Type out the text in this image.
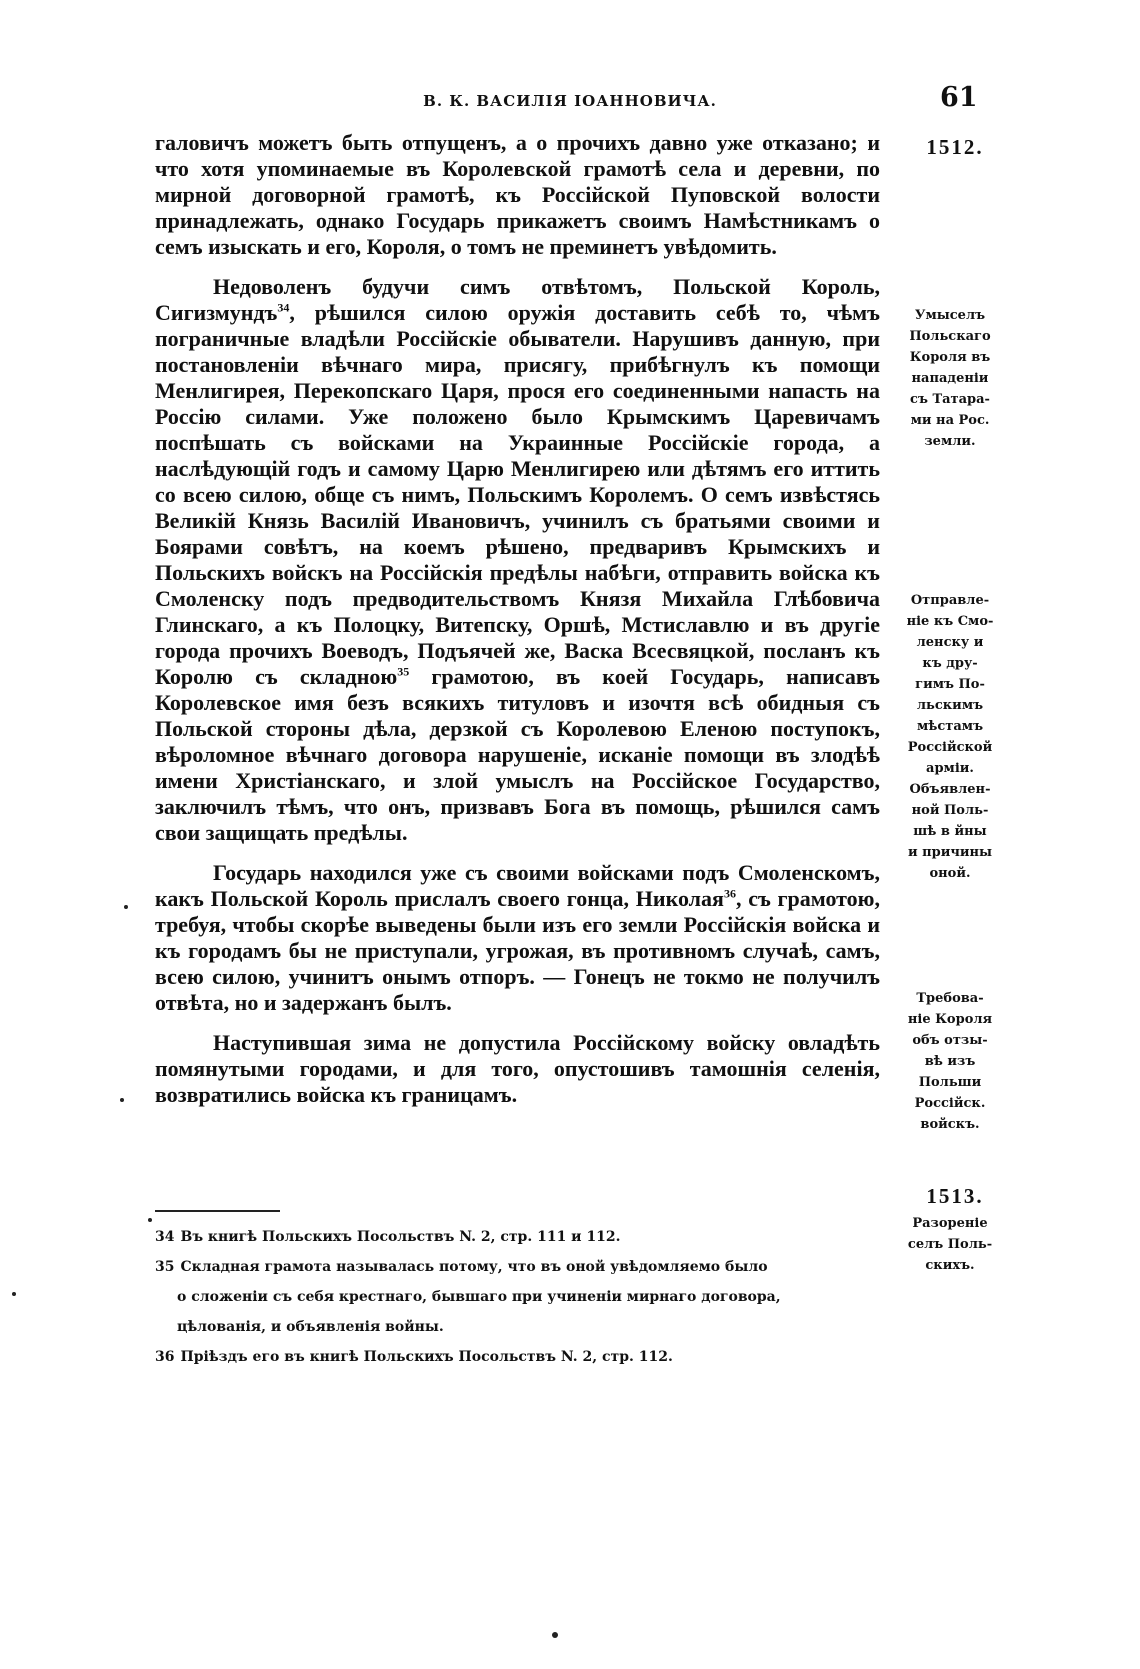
В. К. ВАСИЛІЯ ІОАННОВИЧА.	61

галовичъ можетъ быть отпущенъ, а о прочихъ давно уже отказано; и что хотя упоминаемые въ Королевской грамотѣ села и деревни, по мирной договорной грамотѣ, къ Россійской Пуповской волости принадлежать, однако Государь прикажетъ своимъ Намѣстникамъ о семъ изыскать и его, Короля, о томъ не преминетъ увѣдомить.

Недоволенъ будучи симъ отвѣтомъ, Польской Король, Сигизмундъ$^{34}$, рѣшился силою оружія доставить себѣ то, чѣмъ пограничные владѣли Россійскіе обыватели. Нарушивъ данную, при постановленіи вѣчнаго мира, присягу, прибѣгнулъ къ помощи Менлигирея, Перекопскаго Царя, прося его соединенными напасть на Россію силами. Уже положено было Крымскимъ Царевичамъ поспѣшать съ войсками на Украинные Россійскіе города, а наслѣдующій годъ и самому Царю Менлигирею или дѣтямъ его иттить со всею силою, обще съ нимъ, Польскимъ Королемъ. О семъ извѣстясь Великій Князь Василій Ивановичъ, учинилъ съ братьями своими и Боярами совѣтъ, на коемъ рѣшено, предваривъ Крымскихъ и Польскихъ войскъ на Россійскія предѣлы набѣги, отправить войска къ Смоленску подъ предводительствомъ Князя Михайла Глѣбовича Глинскаго, а къ Полоцку, Витепску, Оршѣ, Мстиславлю и въ другіе города прочихъ Воеводъ, Подъячей же, Васка Всесвяцкой, посланъ къ Королю съ складною$^{35}$ грамотою, въ коей Государь, написавъ Королевское имя безъ всякихъ титуловъ и изочтя всѣ обидныя съ Польской стороны дѣла, дерзкой съ Королевою Еленою поступокъ, вѣроломное вѣчнаго договора нарушеніе, исканіе помощи въ злодѣѣ имени Христіанскаго, и злой умыслъ на Россійское Государство, заключилъ тѣмъ, что онъ, призвавъ Бога въ помощь, рѣшился самъ свои защищать предѣлы.

Государь находился уже съ своими войсками подъ Смоленскомъ, какъ Польской Король прислалъ своего гонца, Николая$^{36}$, съ грамотою, требуя, чтобы скорѣе выведены были изъ его земли Россійскія войска и къ городамъ бы не приступали, угрожая, въ противномъ случаѣ, самъ, всею силою, учинитъ онымъ отпоръ. — Гонецъ не токмо не получилъ отвѣта, но и задержанъ былъ.

Наступившая зима не допустила Россійскому войску овладѣть помянутыми городами, и для того, опустошивъ тамошнія селенія, возвратились войска къ границамъ.

1512.
Умыселъ
Польскаго
Короля въ
нападеніи
съ Татара-
ми на Рос.
земли.
Отправле-
ніе къ Смо-
ленску и
къ дру-
гимъ По-
льскимъ
мѣстамъ
Россійской
арміи.
Объявлен-
ной Поль-
шѣ в йны
и причины
оной.
Требова-
ніе Короля
объ отзы-
вѣ изъ
Польши
Россійск.
войскъ.
1513.
Разореніе
селъ Поль-
скихъ.

34 Въ книгѣ Польскихъ Посольствъ N. 2, стр. 111 и 112.

35 Складная грамота называлась потому, что въ оной увѣдомляемо было
о сложеніи съ себя крестнаго, бывшаго при учиненіи мирнаго договора,
цѣлованія, и объявленія войны.

36 Пріѣздъ его въ книгѣ Польскихъ Посольствъ N. 2, стр. 112.
